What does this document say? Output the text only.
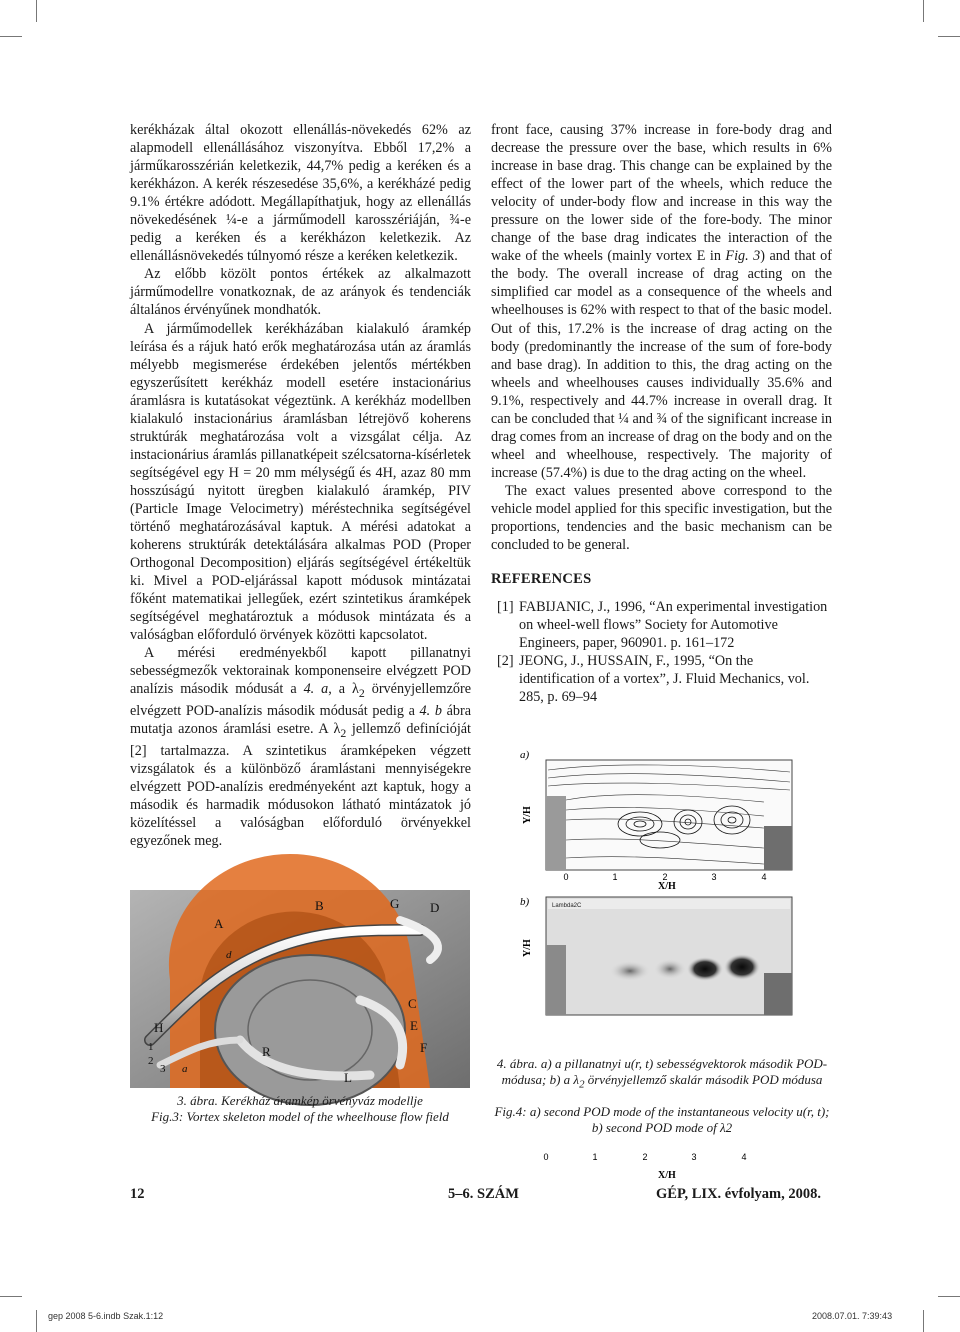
kerékházak által okozott ellenállás-növekedés 62% az alapmodell ellenállásához viszonyítva. Ebből 17,2% a járműkarosszérián keletkezik, 44,7% pedig a keréken és a kerékházon. A kerék részesedése 35,6%, a kerékházé pedig 9.1% értékre adódott. Megállapíthatjuk, hogy az ellenállás növekedésének ¼-e a járműmodell karosszériáján, ¾-e pedig a keréken és a kerékházon keletkezik. Az ellenállásnövekedés túlnyomó része a keréken keletkezik.

Az előbb közölt pontos értékek az alkalmazott járműmodellre vonatkoznak, de az arányok és tendenciák általános érvényűnek mondhatók.

A járműmodellek kerékházában kialakuló áramkép leírása és a rájuk ható erők meghatározása után az áramlás mélyebb megismerése érdekében jelentős mértékben egyszerűsített kerékház modell esetére instacionárius áramlásra is kutatásokat végeztünk. A kerékház modellben kialakuló instacionárius áramlásban létrejövő koherens struktúrák meghatározása volt a vizsgálat célja. Az instacionárius áramlás pillanatképeit szélcsatorna-kísérletek segítségével egy H = 20 mm mélységű és 4H, azaz 80 mm hosszúságú nyitott üregben kialakuló áramkép, PIV (Particle Image Velocimetry) méréstechnika segítségével történő meghatározásával kaptuk. A mérési adatokat a koherens struktúrák detektálására alkalmas POD (Proper Orthogonal Decomposition) eljárás segítségével értékeltük ki. Mivel a POD-eljárással kapott módusok mintázatai főként matematikai jellegűek, ezért szintetikus áramképek segítségével meghatároztuk a módusok mintázata és a valóságban előforduló örvények közötti kapcsolatot.

A mérési eredményekből kapott pillanatnyi sebességmezők vektorainak komponenseire elvégzett POD analízis második módusát a 4. a, a $\lambda_2$ örvényjellemzőre elvégzett POD-analízis második módusát pedig a 4. b ábra mutatja azonos áramlási esetre. A $\lambda_2$ jellemző definícióját [2] tartalmazza. A szintetikus áramképeken végzett vizsgálatok és a különböző áramlástani mennyiségekre elvégzett POD-analízis eredményeként azt kaptuk, hogy a második és harmadik módusokon látható mintázatok jó közelítéssel a valóságban előforduló örvényekkel egyezőnek meg.

front face, causing 37% increase in fore-body drag and decrease the pressure over the base, which results in 6% increase in base drag. This change can be explained by the effect of the lower part of the wheels, which reduce the velocity of under-body flow and increase in this way the pressure on the lower side of the fore-body. The minor change of the base drag indicates the interaction of the wake of the wheels (mainly vortex E in Fig. 3) and that of the body. The overall increase of drag acting on the simplified car model as a consequence of the wheels and wheelhouses is 62% with respect to that of the basic model. Out of this, 17.2% is the increase of drag acting on the body (predominantly the increase of the sum of fore-body and base drag). In addition to this, the drag acting on the wheels and wheelhouses causes individually 35.6% and 9.1%, respectively and 44.7% increase in overall drag. It can be concluded that ¼ and ¾ of the significant increase in drag comes from an increase of drag on the body and on the wheel and wheelhouse, respectively. The majority of increase (57.4%) is due to the drag acting on the wheel.

The exact values presented above correspond to the vehicle model applied for this specific investigation, but the proportions, tendencies and the basic mechanism can be concluded to be general.

REFERENCES
[1] FABIJANIC, J., 1996, “An experimental investigation on wheel-well flows” Society for Automotive Engineers, paper, 960901. p. 161–172
[2] JEONG, J., HUSSAIN, F., 1995, “On the identification of a vortex”, J. Fluid Mechanics, vol. 285, p. 69–94
A
d
B	G D
C
E
F
H
1
2
3 a
R
L
3. ábra. Kerékház áramkép örvényváz modellje
Fig.3: Vortex skeleton model of the wheelhouse flow field
a)
Y/H
0	1	2	3	4
X/H
b)	Lambda2C
Y/H
0	1	2	3	4
X/H
4. ábra. a) a pillanatnyi u(r, t) sebességvektorok második POD-módusa; b) a $\lambda_2$ örvényjellemző skalár második POD módusa
Fig.4: a) second POD mode of the instantaneous velocity u(r, t); b) second POD mode of λ2
12	5–6. SZÁM	GÉP, LIX. évfolyam, 2008.
gep 2008 5-6.indb Szak.1:12	2008.07.01. 7:39:43
